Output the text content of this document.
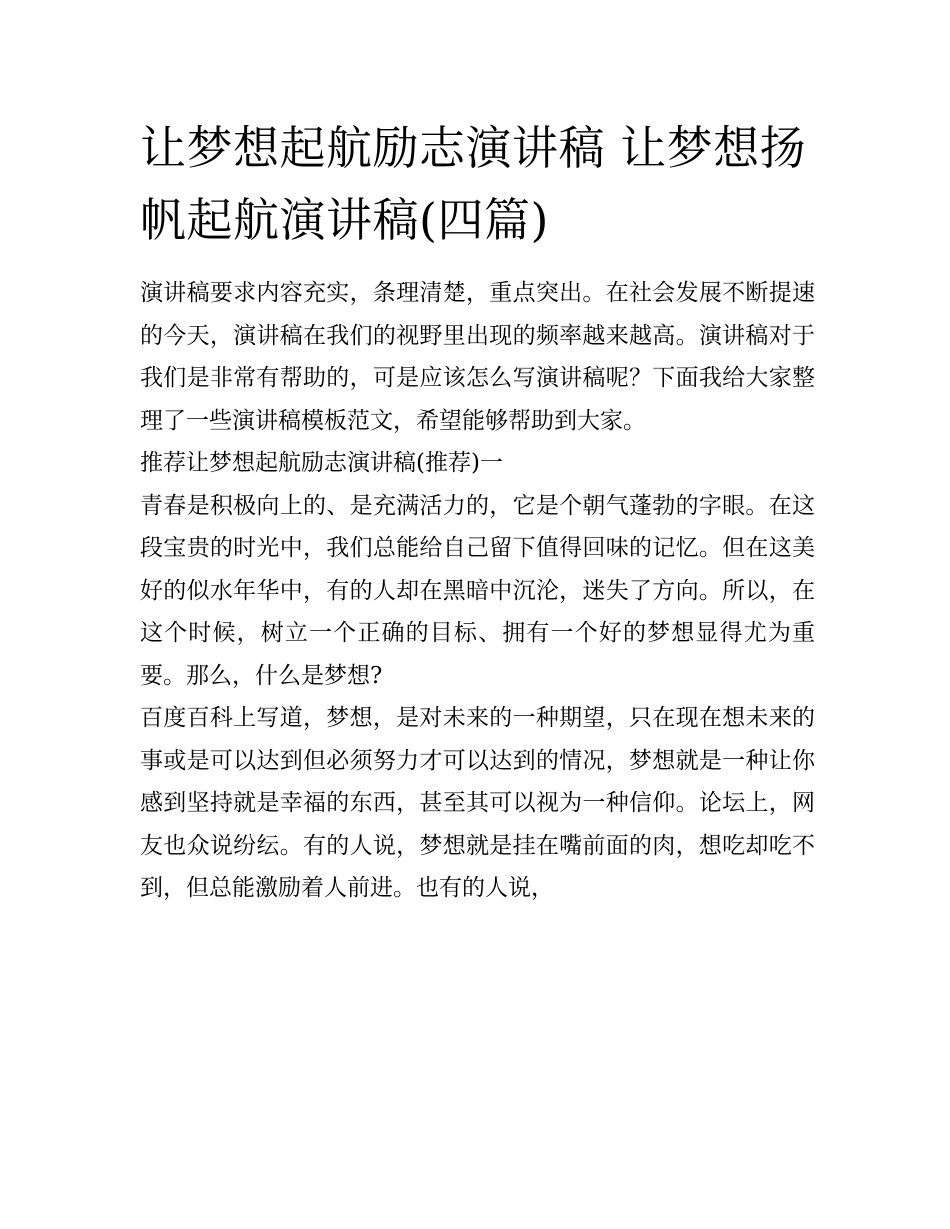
让梦想起航励志演讲稿 让梦想扬帆起航演讲稿(四篇)

演讲稿要求内容充实，条理清楚，重点突出。在社会发展不断提速的今天，演讲稿在我们的视野里出现的频率越来越高。演讲稿对于我们是非常有帮助的，可是应该怎么写演讲稿呢？下面我给大家整理了一些演讲稿模板范文，希望能够帮助到大家。

推荐让梦想起航励志演讲稿(推荐)一

青春是积极向上的、是充满活力的，它是个朝气蓬勃的字眼。在这段宝贵的时光中，我们总能给自己留下值得回味的记忆。但在这美好的似水年华中，有的人却在黑暗中沉沦，迷失了方向。所以，在这个时候，树立一个正确的目标、拥有一个好的梦想显得尤为重要。那么，什么是梦想?

百度百科上写道，梦想，是对未来的一种期望，只在现在想未来的事或是可以达到但必须努力才可以达到的情况，梦想就是一种让你感到坚持就是幸福的东西，甚至其可以视为一种信仰。论坛上，网友也众说纷纭。有的人说，梦想就是挂在嘴前面的肉，想吃却吃不到，但总能激励着人前进。也有的人说，
